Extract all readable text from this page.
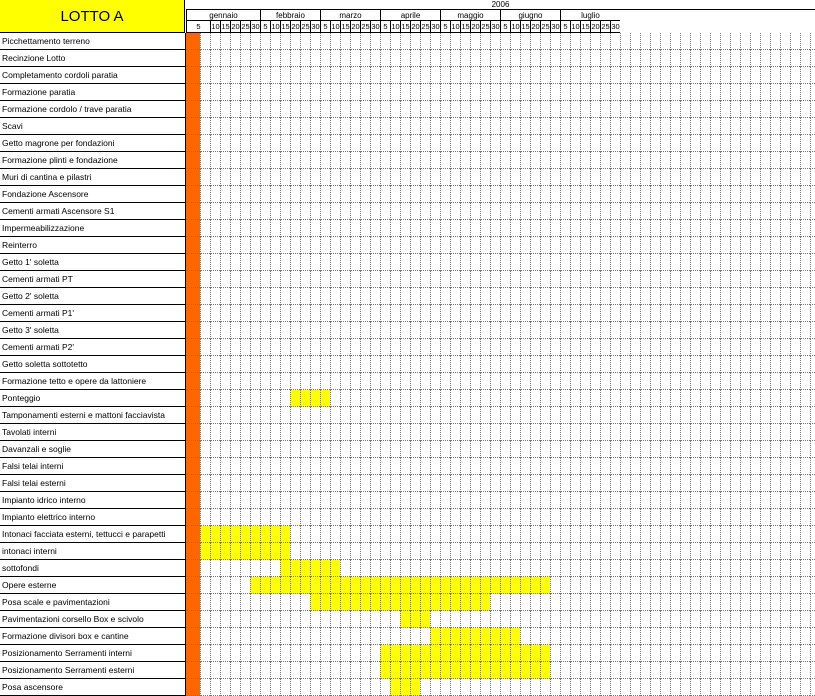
LOTTO A
2006
gennaio	febbraio	marzo	aprile	maggio	giugno	luglio
5	10 15 20 25 30 5 10 15 20 25 30 5 10 15 20 25 30 5 10 15 20 25 30 5 10 15 20 25 30 5 10 15 20 25 30 5 10 15 20 25 30
Picchettamento terreno
Recinzione Lotto
Completamento cordoli paratia
Formazione paratia
Formazione cordolo / trave paratia
Scavi
Getto magrone per fondazioni
Formazione plinti e fondazione
Muri di cantina e pilastri
Fondazione Ascensore
Cementi armati Ascensore S1
Impermeabilizzazione
Reinterro
Getto 1' soletta
Cementi armati PT
Getto 2' soletta
Cementi armati P1'
Getto 3' soletta
Cementi armati P2'
Getto soletta sottotetto
Formazione tetto e opere da lattoniere
Ponteggio
Tamponamenti esterni e mattoni facciavista
Tavolati interni
Davanzali e soglie
Falsi telai interni
Falsi telai esterni
Impianto idrico interno
Impianto elettrico interno
Intonaci facciata esterni, tettucci e parapetti
intonaci interni
sottofondi
Opere esterne
Posa scale e pavimentazioni
Pavimentazioni corsello Box e scivolo
Formazione divisori box e cantine
Posizionamento Serramenti interni
Posizionamento Serramenti esterni
Posa ascensore
